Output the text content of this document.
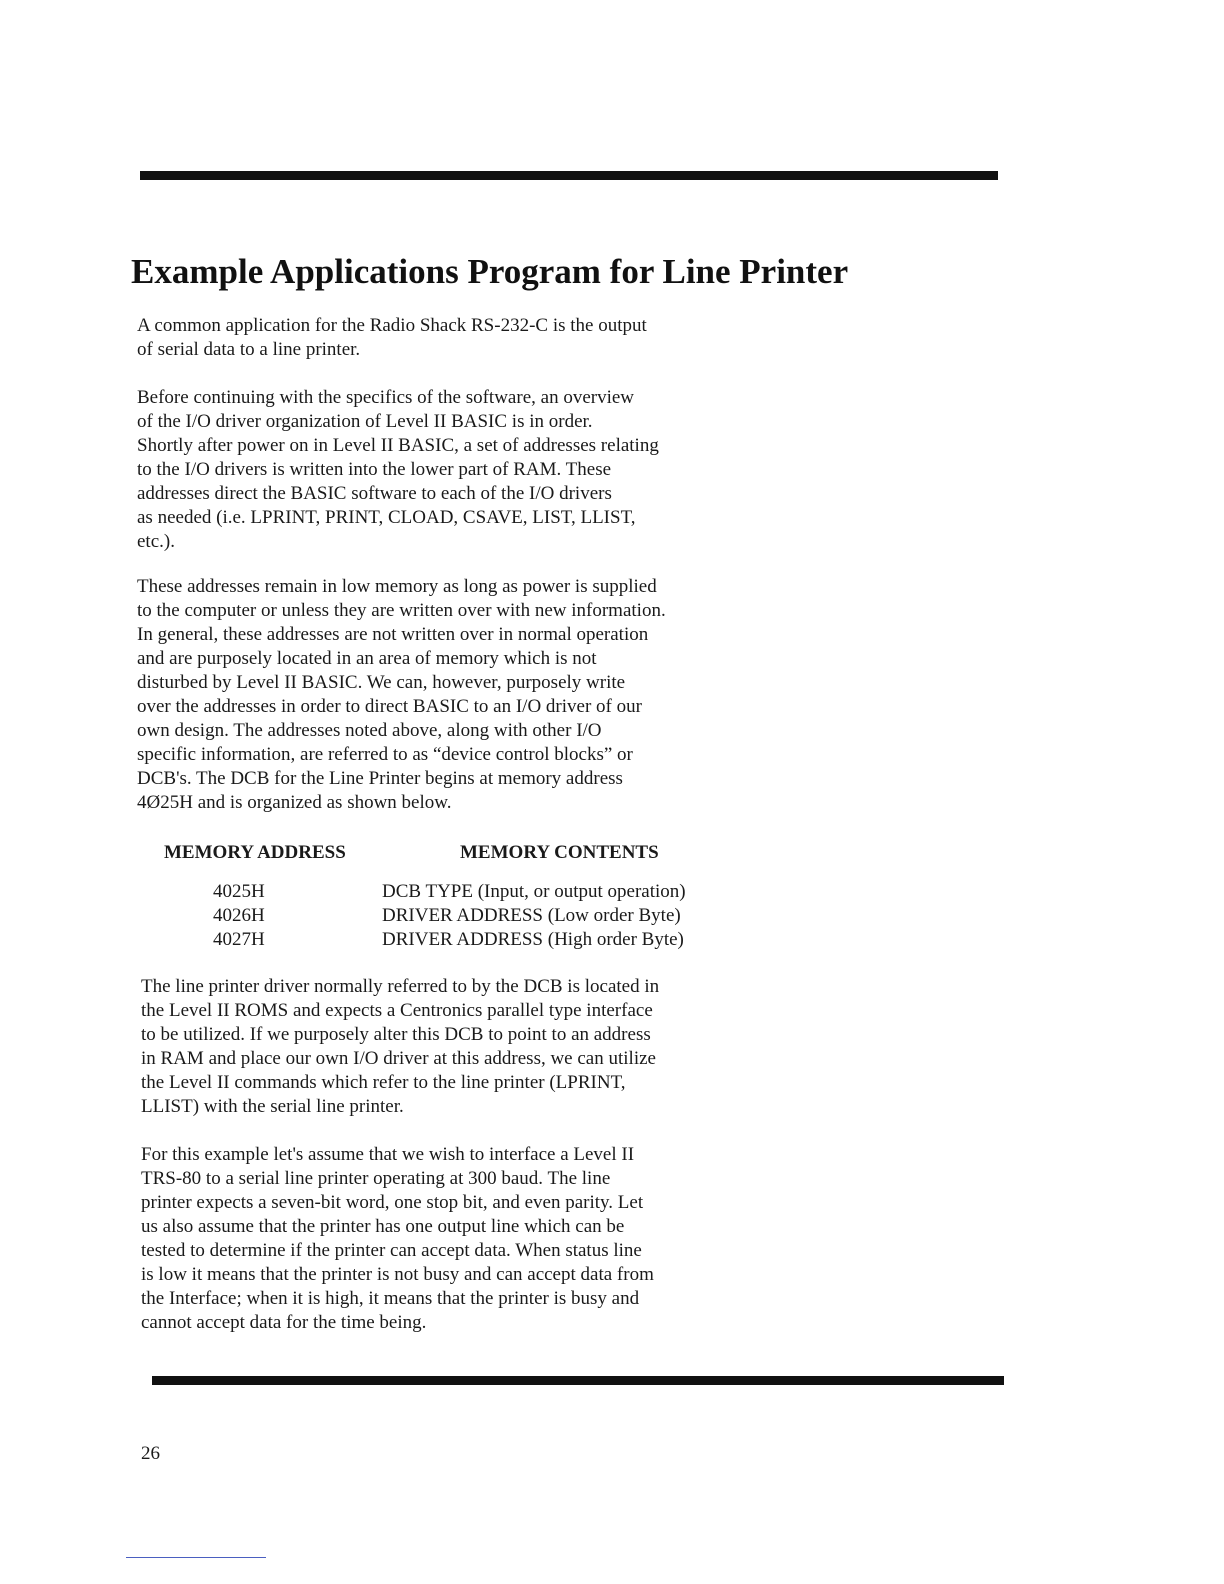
Example Applications Program for Line Printer
A common application for the Radio Shack RS-232-C is the output
of serial data to a line printer.
Before continuing with the specifics of the software, an overview
of the I/O driver organization of Level II BASIC is in order.
Shortly after power on in Level II BASIC, a set of addresses relating
to the I/O drivers is written into the lower part of RAM. These
addresses direct the BASIC software to each of the I/O drivers
as needed (i.e. LPRINT, PRINT, CLOAD, CSAVE, LIST, LLIST,
etc.).
These addresses remain in low memory as long as power is supplied
to the computer or unless they are written over with new information.
In general, these addresses are not written over in normal operation
and are purposely located in an area of memory which is not
disturbed by Level II BASIC. We can, however, purposely write
over the addresses in order to direct BASIC to an I/O driver of our
own design. The addresses noted above, along with other I/O
specific information, are referred to as “device control blocks” or
DCB's. The DCB for the Line Printer begins at memory address
4Ø25H and is organized as shown below.
MEMORY ADDRESS	MEMORY CONTENTS
4025H	DCB TYPE (Input, or output operation)
4026H	DRIVER ADDRESS (Low order Byte)
4027H	DRIVER ADDRESS (High order Byte)
The line printer driver normally referred to by the DCB is located in
the Level II ROMS and expects a Centronics parallel type interface
to be utilized. If we purposely alter this DCB to point to an address
in RAM and place our own I/O driver at this address, we can utilize
the Level II commands which refer to the line printer (LPRINT,
LLIST) with the serial line printer.
For this example let's assume that we wish to interface a Level II
TRS-80 to a serial line printer operating at 300 baud. The line
printer expects a seven-bit word, one stop bit, and even parity. Let
us also assume that the printer has one output line which can be
tested to determine if the printer can accept data. When status line
is low it means that the printer is not busy and can accept data from
the Interface; when it is high, it means that the printer is busy and
cannot accept data for the time being.
26
